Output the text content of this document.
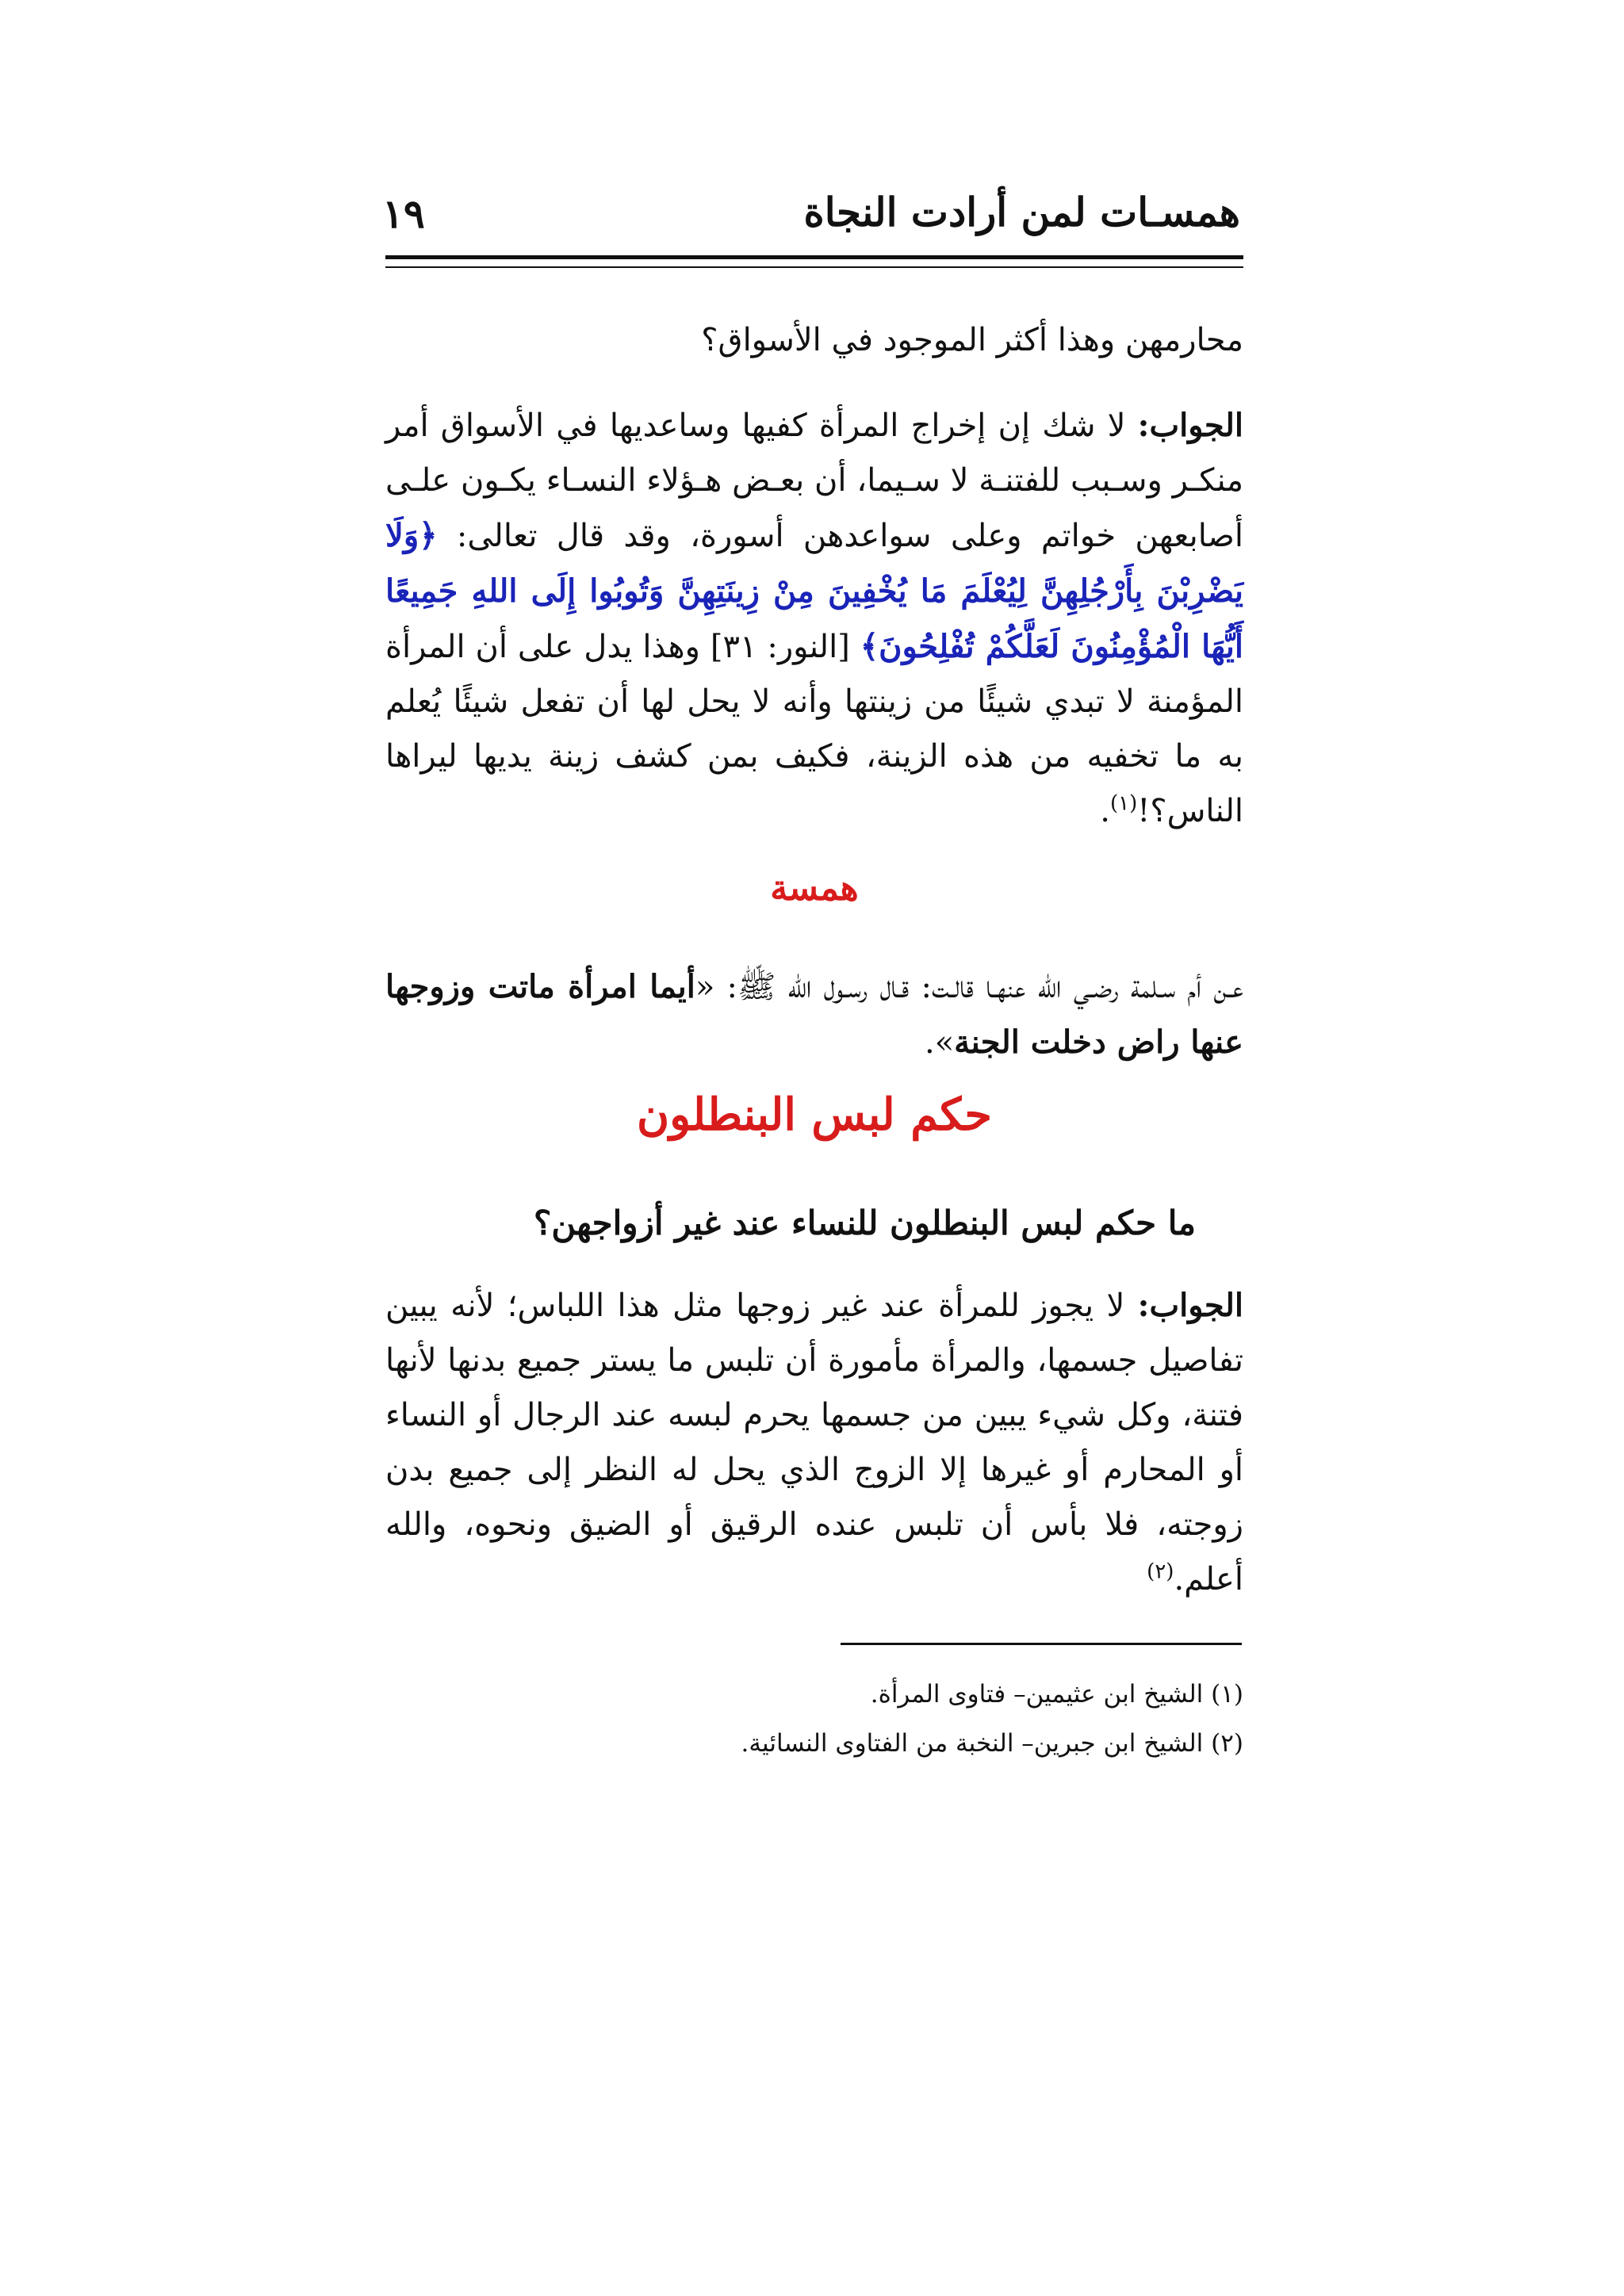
همسـات لمن أرادت النجاة
١٩

محارمهن وهذا أكثر الموجود في الأسواق؟

الجواب: لا شك إن إخراج المرأة كفيها وساعديها في الأسواق أمر منكـر وسـبب للفتنـة لا سـيما، أن بعـض هـؤلاء النسـاء يكـون علـى أصابعهن خواتم وعلى سواعدهن أسورة، وقد قال تعالى: ﴿وَلَا يَضْرِبْنَ بِأَرْجُلِهِنَّ لِيُعْلَمَ مَا يُخْفِينَ مِنْ زِينَتِهِنَّ وَتُوبُوا إِلَى اللهِ جَمِيعًا أَيُّهَا الْمُؤْمِنُونَ لَعَلَّكُمْ تُفْلِحُونَ﴾ [النور: ٣١] وهذا يدل على أن المرأة المؤمنة لا تبدي شيئًا من زينتها وأنه لا يحل لها أن تفعل شيئًا يُعلم به ما تخفيه من هذه الزينة، فكيف بمن كشف زينة يديها ليراها الناس؟!$^{(١)}$.

همسة

عـن أم سـلمة رضـي الله عنهـا قالـت: قـال رسـول الله ﷺ: «أيما امرأة ماتت وزوجها عنها راض دخلت الجنة».

حكم لبس البنطلون
ما حكم لبس البنطلون للنساء عند غير أزواجهن؟

الجواب: لا يجوز للمرأة عند غير زوجها مثل هذا اللباس؛ لأنه يبين تفاصيل جسمها، والمرأة مأمورة أن تلبس ما يستر جميع بدنها لأنها فتنة، وكل شيء يبين من جسمها يحرم لبسه عند الرجال أو النساء أو المحارم أو غيرها إلا الزوج الذي يحل له النظر إلى جميع بدن زوجته، فلا بأس أن تلبس عنده الرقيق أو الضيق ونحوه، والله أعلم.$^{(٢)}$

(١) الشيخ ابن عثيمين– فتاوى المرأة.
(٢) الشيخ ابن جبرين– النخبة من الفتاوى النسائية.
